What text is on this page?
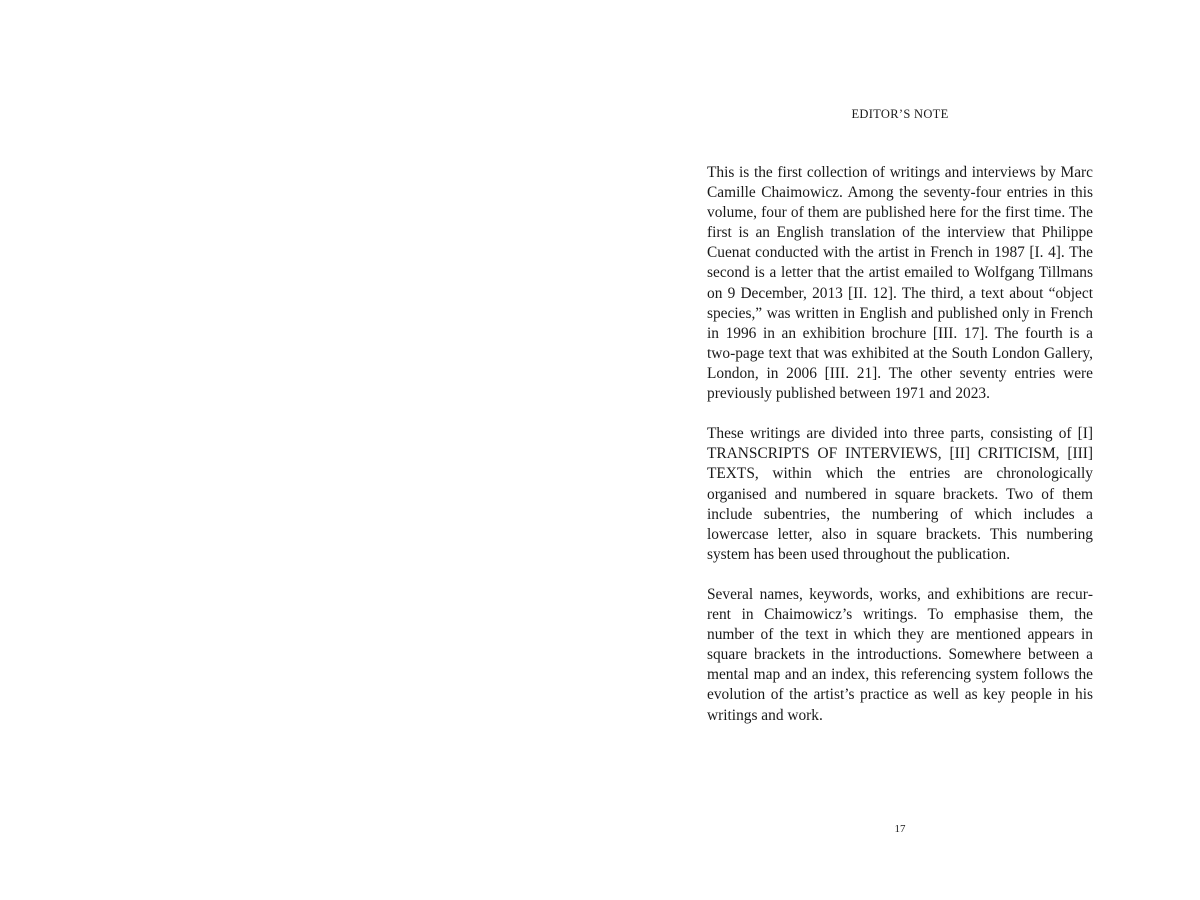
EDITOR’S NOTE

This is the first collection of writings and interviews by Marc Camille Chaimowicz. Among the seventy-four entries in this volume, four of them are published here for the first time. The first is an English translation of the interview that Philippe Cuenat conducted with the artist in French in 1987 [I. 4]. The second is a letter that the artist emailed to Wolfgang Tillmans on 9 December, 2013 [II. 12]. The third, a text about “object species,” was written in English and published only in French in 1996 in an exhibition brochure [III. 17]. The fourth is a two-page text that was exhibited at the South London Gallery, London, in 2006 [III. 21]. The other seventy entries were previously published between 1971 and 2023.

These writings are divided into three parts, consisting of [I] TRANSCRIPTS OF INTERVIEWS, [II] CRITICISM, [III] TEXTS, within which the entries are chronologically organised and numbered in square brackets. Two of them include subentries, the numbering of which includes a lowercase letter, also in square brackets. This numbering system has been used throughout the publication.

Several names, keywords, works, and exhibitions are recurrent in Chaimowicz’s writings. To emphasise them, the number of the text in which they are mentioned appears in square brackets in the introductions. Somewhere between a mental map and an index, this referencing system follows the evolution of the artist’s practice as well as key people in his writings and work.

17
